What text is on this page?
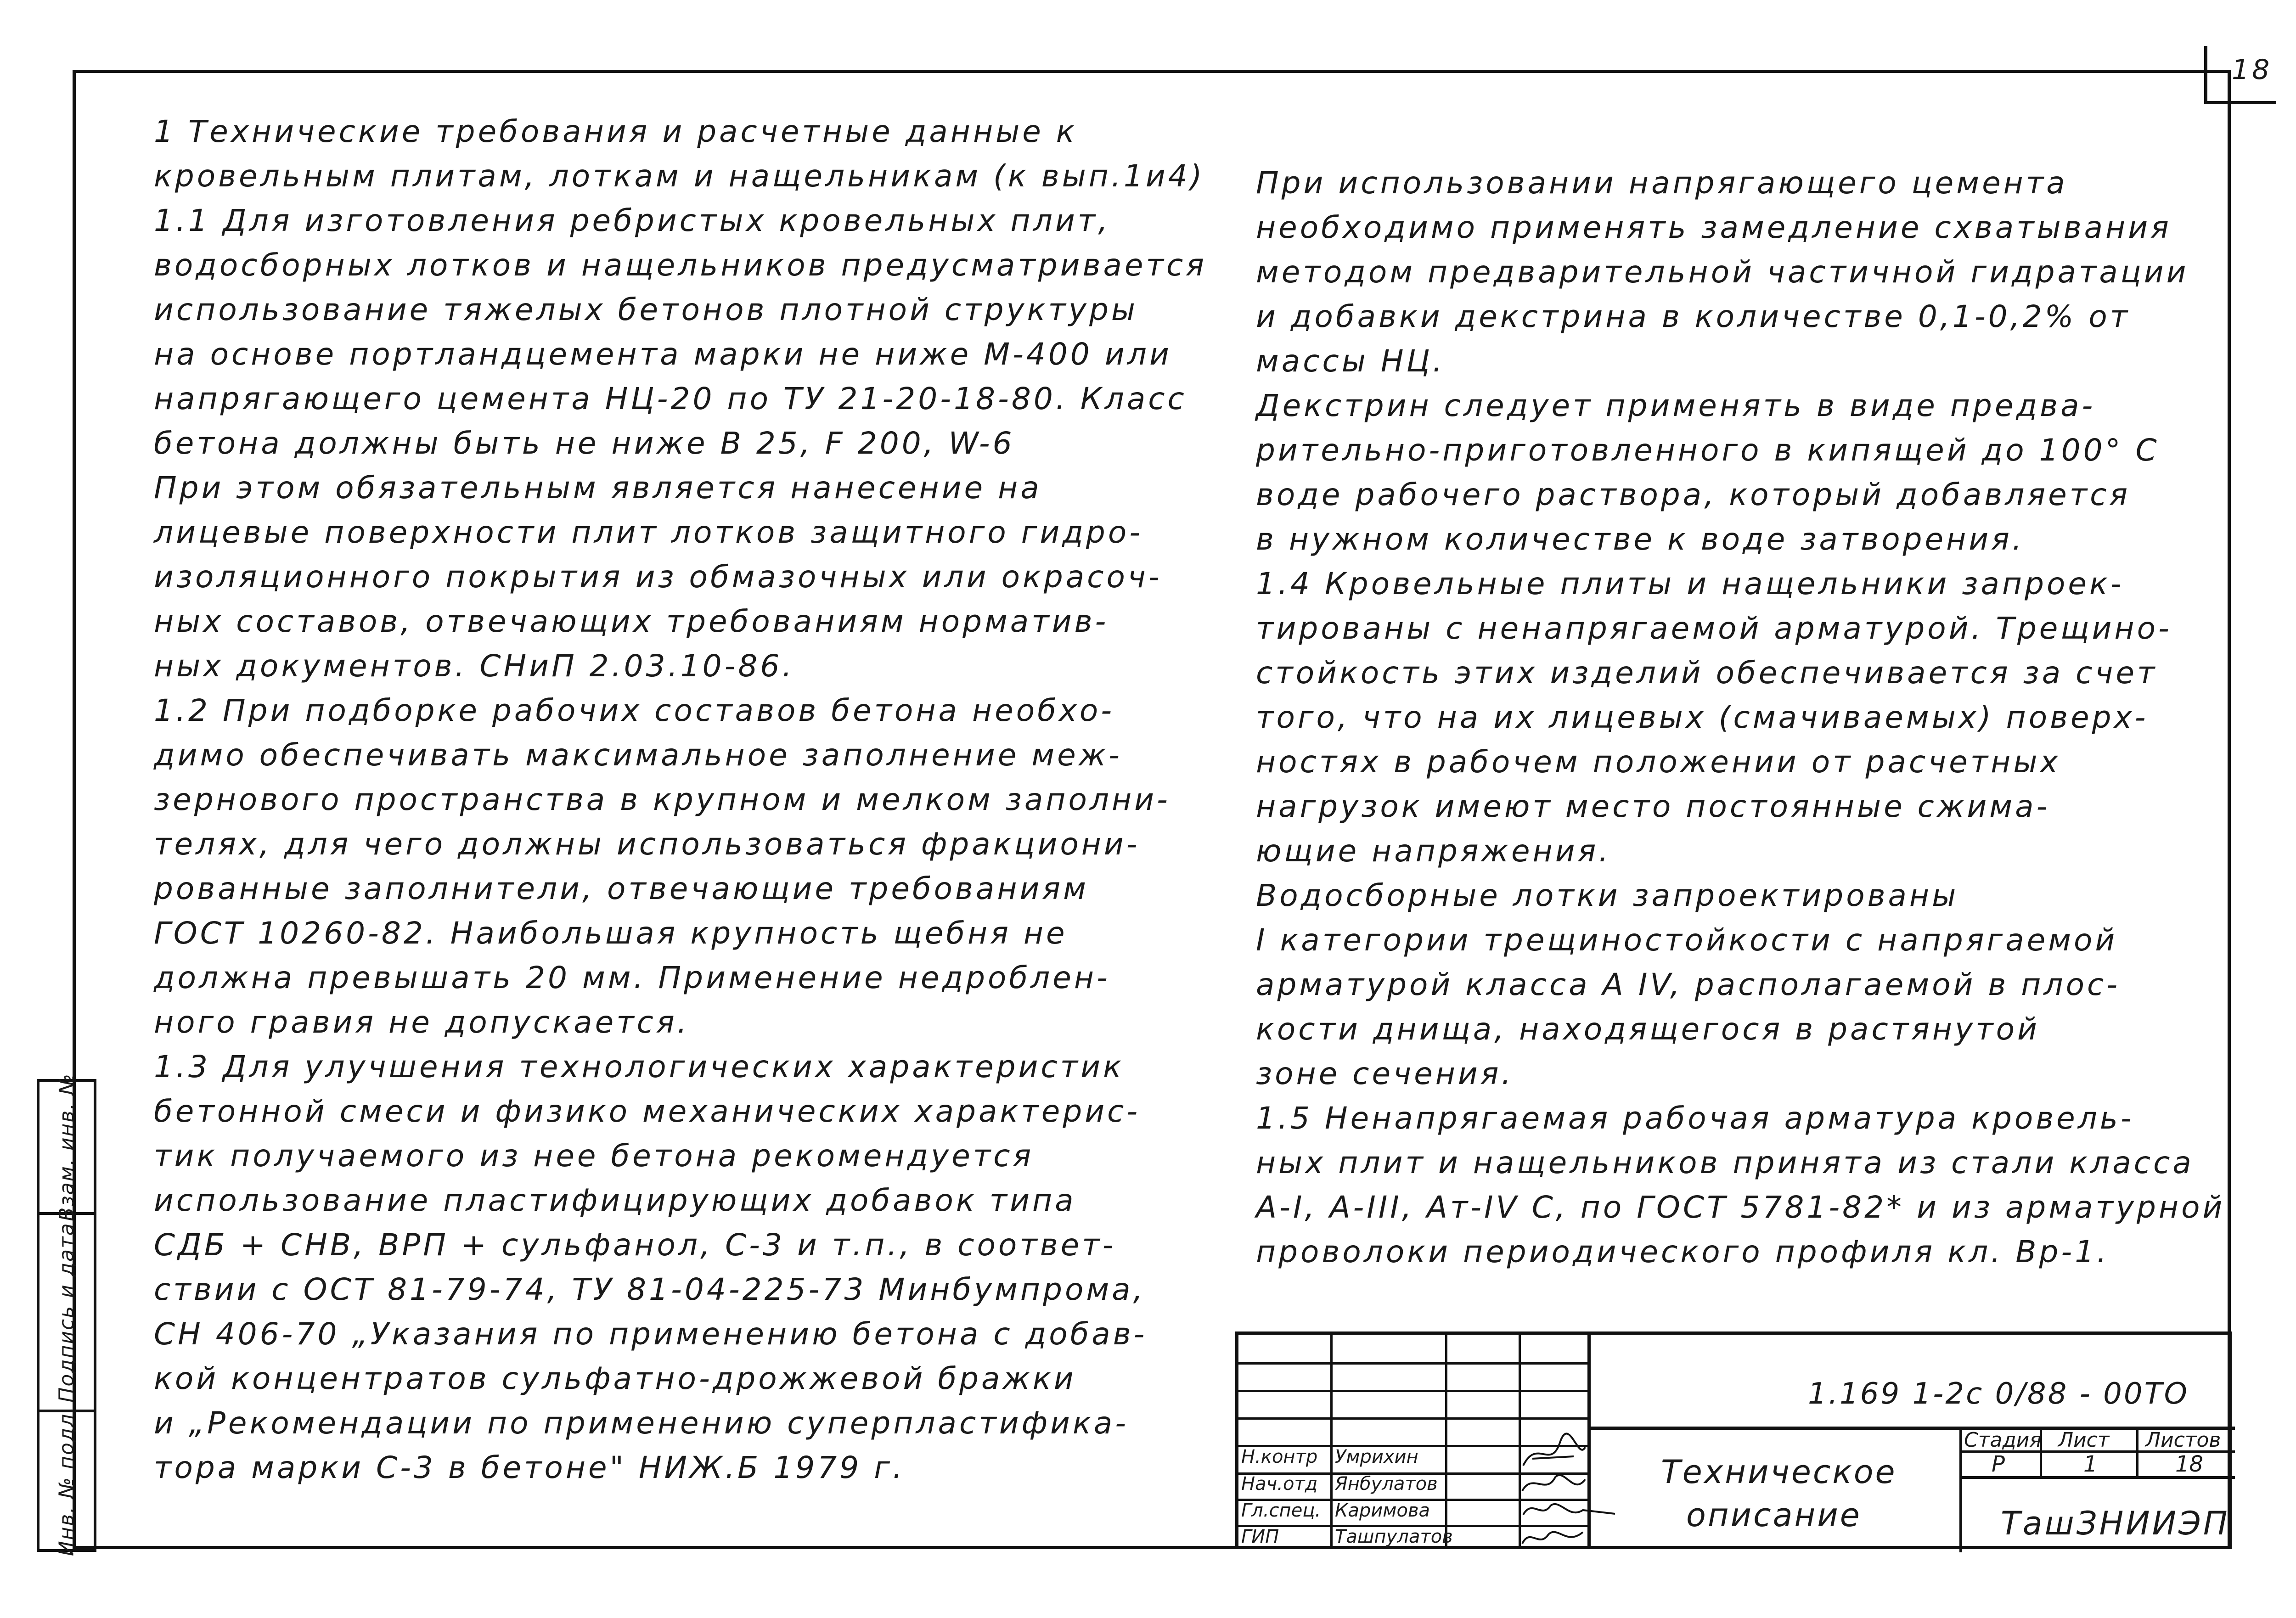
18

1 Технические требования и расчетные данные к

кровельным плитам, лоткам и нащельникам (к вып.1и4)

1.1 Для изготовления ребристых кровельных плит,

водосборных лотков и нащельников предусматривается

использование тяжелых бетонов плотной структуры

на основе портландцемента марки не ниже М-400 или

напрягающего цемента НЦ-20 по ТУ 21-20-18-80. Класс

бетона должны быть не ниже В 25, F 200, W-6

При этом обязательным является нанесение на

лицевые поверхности плит лотков защитного гидро-

изоляционного покрытия из обмазочных или окрасоч-

ных составов, отвечающих требованиям норматив-

ных документов. СНиП 2.03.10-86.

1.2 При подборке рабочих составов бетона необхо-

димо обеспечивать максимальное заполнение меж-

зернового пространства в крупном и мелком заполни-

телях, для чего должны использоваться фракциони-

рованные заполнители, отвечающие требованиям

ГОСТ 10260-82. Наибольшая крупность щебня не

должна превышать 20 мм. Применение недроблен-

ного гравия не допускается.

1.3 Для улучшения технологических характеристик

бетонной смеси и физико механических характерис-

тик получаемого из нее бетона рекомендуется

использование пластифицирующих добавок типа

СДБ + СНВ, ВРП + сульфанол, С-3 и т.п., в соответ-

ствии с ОСТ 81-79-74, ТУ 81-04-225-73 Минбумпрома,

СН 406-70 „Указания по применению бетона с добав-

кой концентратов сульфатно-дрожжевой бражки

и „Рекомендации по применению суперпластифика-

тора марки С-3 в бетоне" НИЖ.Б 1979 г.

При использовании напрягающего цемента

необходимо применять замедление схватывания

методом предварительной частичной гидратации

и добавки декстрина в количестве 0,1-0,2% от

массы НЦ.

Декстрин следует применять в виде предва-

рительно-приготовленного в кипящей до 100° С

воде рабочего раствора, который добавляется

в нужном количестве к воде затворения.

1.4 Кровельные плиты и нащельники запроек-

тированы с ненапрягаемой арматурой. Трещино-

стойкость этих изделий обеспечивается за счет

того, что на их лицевых (смачиваемых) поверх-

ностях в рабочем положении от расчетных

нагрузок имеют место постоянные сжима-

ющие напряжения.

Водосборные лотки запроектированы

I категории трещиностойкости с напрягаемой

арматурой класса А IV, располагаемой в плос-

кости днища, находящегося в растянутой

зоне сечения.

1.5 Ненапрягаемая рабочая арматура кровель-

ных плит и нащельников принята из стали класса

А-I, А-III, Ат-IV С, по ГОСТ 5781-82* и из арматурной

проволоки периодического профиля кл. Вр-1.

Взам. инв. №
Подпись и дата
Инв. № подл.
1.169 1-2с 0/88 - 00ТО
Техническое
описание
Стадия Лист Листов
Р	1	18
ТашЗНИИЭП
Н.контр Умрихин
Нач.отд Янбулатов
Гл.спец. Каримова
ГИП	Ташпулатов
